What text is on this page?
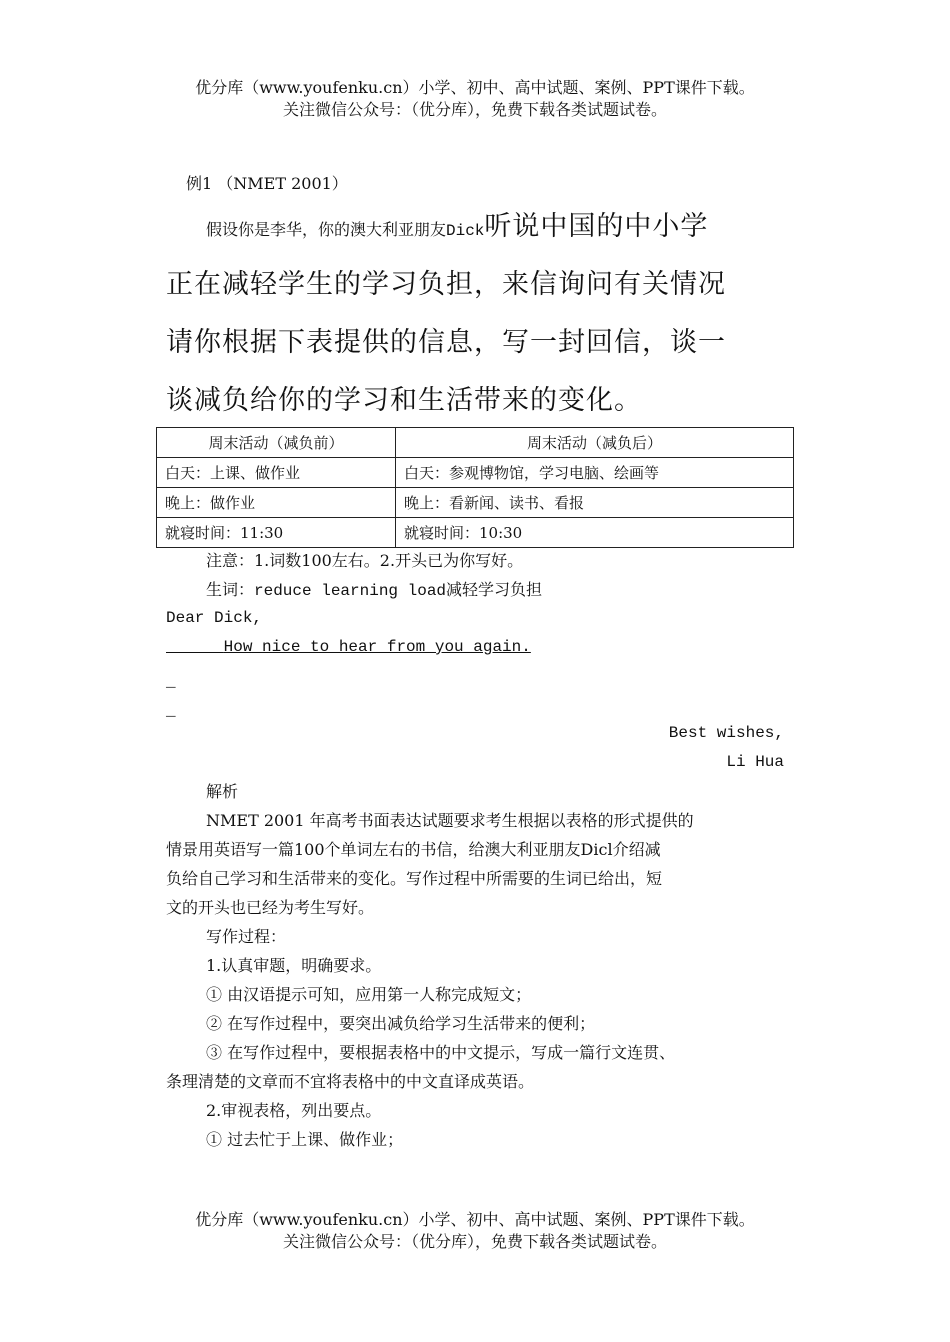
优分库（www.youfenku.cn）小学、初中、高中试题、案例、PPT课件下载。
关注微信公众号：（优分库），免费下载各类试题试卷。
例1 （NMET 2001）
假设你是李华，你的澳大利亚朋友Dick听说中国的中小学
正在减轻学生的学习负担，来信询问有关情况
请你根据下表提供的信息，写一封回信，谈一
谈减负给你的学习和生活带来的变化。
周末活动（减负前）	周末活动（减负后）
白天：上课、做作业	白天：参观博物馆，学习电脑、绘画等
晚上：做作业	晚上：看新闻、读书、看报
就寝时间：11:30	就寝时间：10:30
注意：1.词数100左右。2.开头已为你写好。
生词：reduce learning load减轻学习负担
Dear Dick,
How nice to hear from you again.
_
_
Best wishes,
Li Hua
解析
NMET 2001 年高考书面表达试题要求考生根据以表格的形式提供的
情景用英语写一篇100个单词左右的书信，给澳大利亚朋友Dicl介绍减
负给自己学习和生活带来的变化。写作过程中所需要的生词已给出，短
文的开头也已经为考生写好。
写作过程：
1.认真审题，明确要求。
① 由汉语提示可知，应用第一人称完成短文；
② 在写作过程中，要突出减负给学习生活带来的便利；
③ 在写作过程中，要根据表格中的中文提示，写成一篇行文连贯、
条理清楚的文章而不宜将表格中的中文直译成英语。
2.审视表格，列出要点。
① 过去忙于上课、做作业；
优分库（www.youfenku.cn）小学、初中、高中试题、案例、PPT课件下载。
关注微信公众号：（优分库），免费下载各类试题试卷。
